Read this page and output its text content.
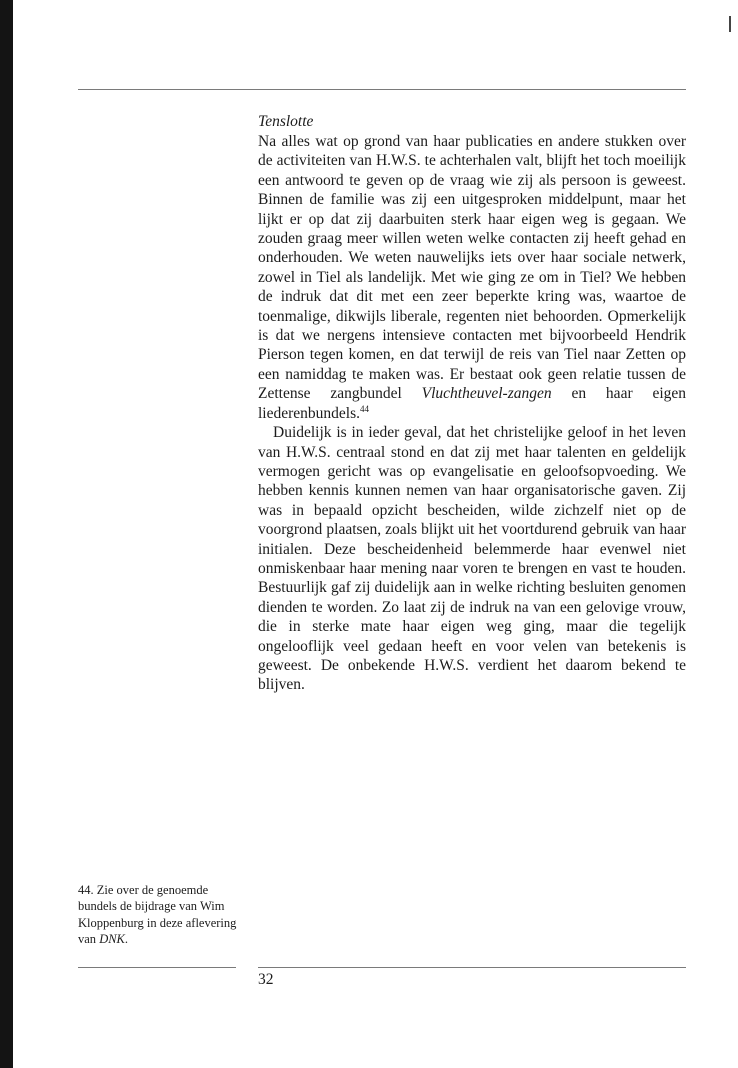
Tenslotte

Na alles wat op grond van haar publicaties en andere stukken over de activiteiten van H.W.S. te achterhalen valt, blijft het toch moeilijk een antwoord te geven op de vraag wie zij als persoon is geweest. Binnen de familie was zij een uitgesproken middelpunt, maar het lijkt er op dat zij daarbuiten sterk haar eigen weg is gegaan. We zouden graag meer willen weten welke contacten zij heeft gehad en onderhouden. We weten nauwelijks iets over haar sociale netwerk, zowel in Tiel als landelijk. Met wie ging ze om in Tiel? We hebben de indruk dat dit met een zeer beperkte kring was, waartoe de toenmalige, dikwijls liberale, regenten niet behoorden. Opmerkelijk is dat we nergens intensieve contacten met bijvoorbeeld Hendrik Pierson tegen komen, en dat terwijl de reis van Tiel naar Zetten op een namiddag te maken was. Er bestaat ook geen relatie tussen de Zettense zangbundel Vluchtheuvel-zangen en haar eigen liederenbundels.$^{44}$

Duidelijk is in ieder geval, dat het christelijke geloof in het leven van H.W.S. centraal stond en dat zij met haar talenten en geldelijk vermogen gericht was op evangelisatie en geloofsopvoeding. We hebben kennis kunnen nemen van haar organisatorische gaven. Zij was in bepaald opzicht bescheiden, wilde zichzelf niet op de voorgrond plaatsen, zoals blijkt uit het voortdurend gebruik van haar initialen. Deze bescheidenheid belemmerde haar evenwel niet onmiskenbaar haar mening naar voren te brengen en vast te houden. Bestuurlijk gaf zij duidelijk aan in welke richting besluiten genomen dienden te worden. Zo laat zij de indruk na van een gelovige vrouw, die in sterke mate haar eigen weg ging, maar die tegelijk ongelooflijk veel gedaan heeft en voor velen van betekenis is geweest. De onbekende H.W.S. verdient het daarom bekend te blijven.

44. Zie over de genoemde bundels de bijdrage van Wim Kloppenburg in deze aflevering van DNK.

32
